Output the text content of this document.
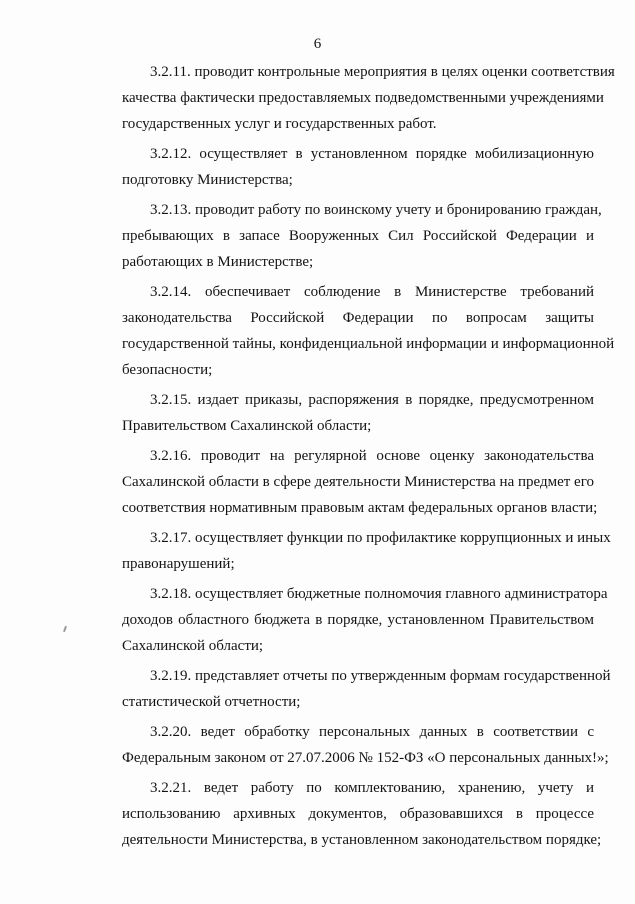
6
3.2.11. проводит контрольные мероприятия в целях оценки соответствия
качества фактически предоставляемых подведомственными учреждениями
государственных услуг и государственных работ.
3.2.12. осуществляет в установленном порядке мобилизационную
подготовку Министерства;
3.2.13. проводит работу по воинскому учету и бронированию граждан,
пребывающих в запасе Вооруженных Сил Российской Федерации и
работающих в Министерстве;
3.2.14. обеспечивает соблюдение в Министерстве требований
законодательства Российской Федерации по вопросам защиты
государственной тайны, конфиденциальной информации и информационной
безопасности;
3.2.15. издает приказы, распоряжения в порядке, предусмотренном
Правительством Сахалинской области;
3.2.16. проводит на регулярной основе оценку законодательства
Сахалинской области в сфере деятельности Министерства на предмет его
соответствия нормативным правовым актам федеральных органов власти;
3.2.17. осуществляет функции по профилактике коррупционных и иных
правонарушений;
3.2.18. осуществляет бюджетные полномочия главного администратора
доходов областного бюджета в порядке, установленном Правительством
Сахалинской области;
3.2.19. представляет отчеты по утвержденным формам государственной
статистической отчетности;
3.2.20. ведет обработку персональных данных в соответствии с
Федеральным законом от 27.07.2006 № 152-ФЗ «О персональных данных!»;
3.2.21. ведет работу по комплектованию, хранению, учету и
использованию архивных документов, образовавшихся в процессе
деятельности Министерства, в установленном законодательством порядке;
